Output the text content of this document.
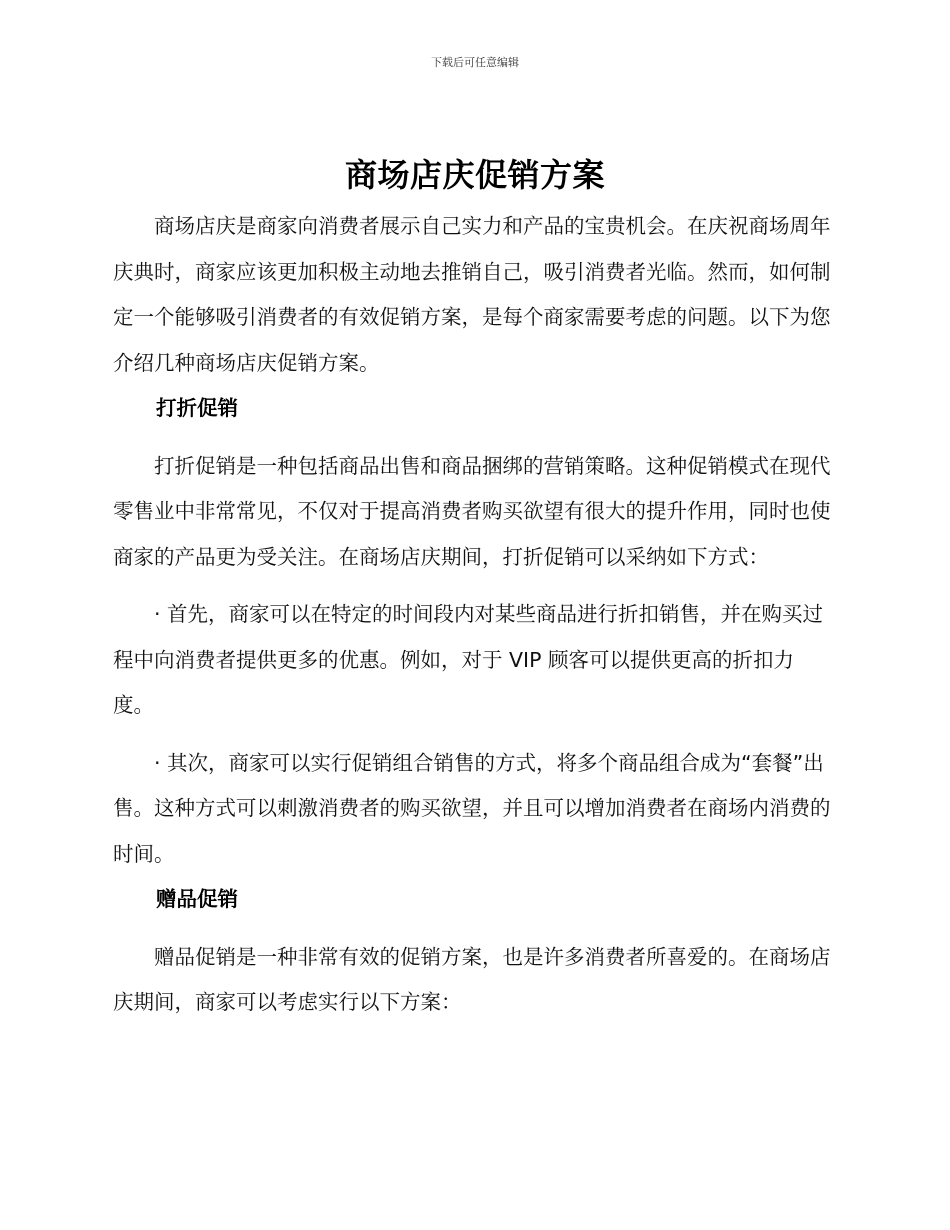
下载后可任意编辑
商场店庆促销方案

商场店庆是商家向消费者展示自己实力和产品的宝贵机会。在庆祝商场周年庆典时，商家应该更加积极主动地去推销自己，吸引消费者光临。然而，如何制定一个能够吸引消费者的有效促销方案，是每个商家需要考虑的问题。以下为您介绍几种商场店庆促销方案。

打折促销

打折促销是一种包括商品出售和商品捆绑的营销策略。这种促销模式在现代零售业中非常常见，不仅对于提高消费者购买欲望有很大的提升作用，同时也使商家的产品更为受关注。在商场店庆期间，打折促销可以采纳如下方式：

· 首先，商家可以在特定的时间段内对某些商品进行折扣销售，并在购买过程中向消费者提供更多的优惠。例如，对于 VIP 顾客可以提供更高的折扣力度。

· 其次，商家可以实行促销组合销售的方式，将多个商品组合成为“套餐”出售。这种方式可以刺激消费者的购买欲望，并且可以增加消费者在商场内消费的时间。

赠品促销

赠品促销是一种非常有效的促销方案，也是许多消费者所喜爱的。在商场店庆期间，商家可以考虑实行以下方案：
